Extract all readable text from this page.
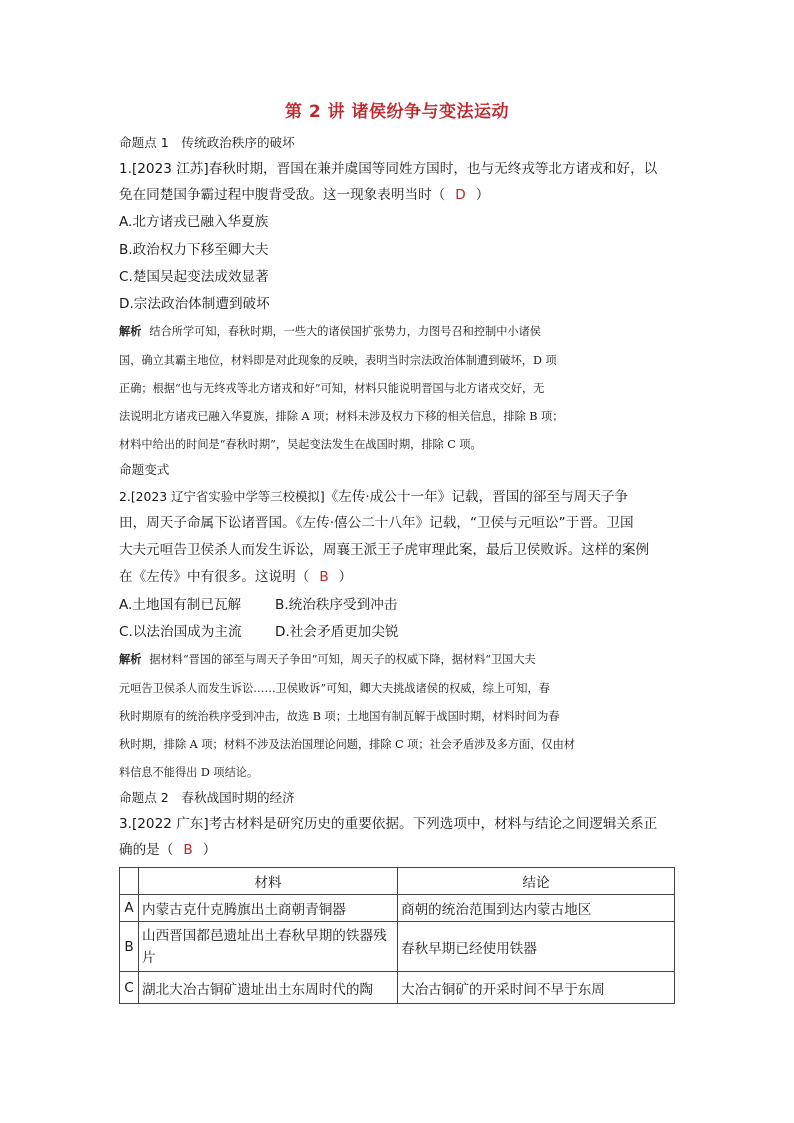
第 2 讲 诸侯纷争与变法运动
命题点 1　传统政治秩序的破坏
1.[2023 江苏]春秋时期，晋国在兼并虞国等同姓方国时，也与无终戎等北方诸戎和好，以
免在同楚国争霸过程中腹背受敌。这一现象表明当时（ D ）
A.北方诸戎已融入华夏族
B.政治权力下移至卿大夫
C.楚国吴起变法成效显著
D.宗法政治体制遭到破坏
解析 结合所学可知，春秋时期，一些大的诸侯国扩张势力，力图号召和控制中小诸侯
国，确立其霸主地位，材料即是对此现象的反映，表明当时宗法政治体制遭到破坏，D 项
正确；根据“也与无终戎等北方诸戎和好”可知，材料只能说明晋国与北方诸戎交好，无
法说明北方诸戎已融入华夏族，排除 A 项；材料未涉及权力下移的相关信息，排除 B 项；
材料中给出的时间是“春秋时期”，吴起变法发生在战国时期，排除 C 项。
命题变式
2.[2023 辽宁省实验中学等三校模拟]《左传·成公十一年》记载，晋国的郤至与周天子争
田，周天子命属下讼诸晋国。《左传·僖公二十八年》记载，“卫侯与元咺讼”于晋。卫国
大夫元咺告卫侯杀人而发生诉讼，周襄王派王子虎审理此案，最后卫侯败诉。这样的案例
在《左传》中有很多。这说明（ B ）
A.土地国有制已瓦解 B.统治秩序受到冲击
C.以法治国成为主流 D.社会矛盾更加尖锐
解析 据材料“晋国的郤至与周天子争田”可知，周天子的权威下降，据材料“卫国大夫
元咺告卫侯杀人而发生诉讼……卫侯败诉”可知，卿大夫挑战诸侯的权威，综上可知，春
秋时期原有的统治秩序受到冲击，故选 B 项；土地国有制瓦解于战国时期，材料时间为春
秋时期，排除 A 项；材料不涉及法治国理论问题，排除 C 项；社会矛盾涉及多方面，仅由材
料信息不能得出 D 项结论。
命题点 2　春秋战国时期的经济
3.[2022 广东]考古材料是研究历史的重要依据。下列选项中，材料与结论之间逻辑关系正
确的是（ B ）
	材料	结论
A	内蒙古克什克腾旗出土商朝青铜器	商朝的统治范围到达内蒙古地区
B	山西晋国都邑遗址出土春秋早期的铁器残片	春秋早期已经使用铁器
C	湖北大冶古铜矿遗址出土东周时代的陶	大冶古铜矿的开采时间不早于东周
